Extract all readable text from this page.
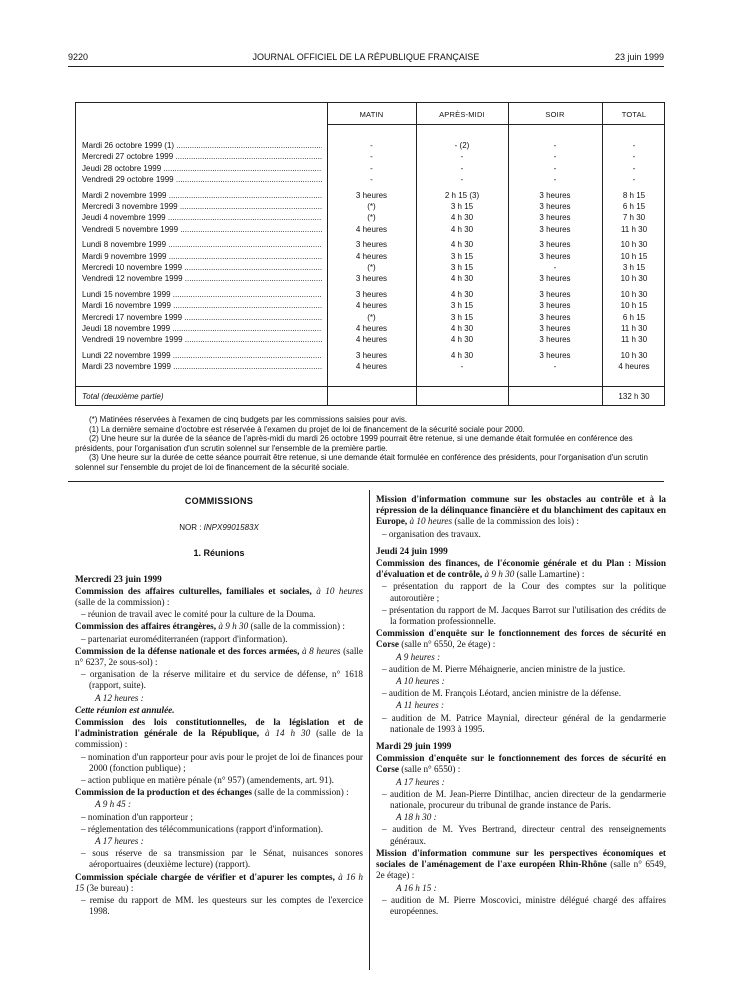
9220	JOURNAL OFFICIEL DE LA RÉPUBLIQUE FRANÇAISE	23 juin 1999
MATIN	APRÈS-MIDI	SOIR	TOTAL
Total (deuxième partie)	132 h 30
Mardi 26 octobre 1999 (1) .....	-	- (2)	-	-
Mercredi 27 octobre 1999 .....	-	-	-	-
Jeudi 28 octobre 1999 .....	-	-	-	-
Vendredi 29 octobre 1999 .....	-	-	-	-
Mardi 2 novembre 1999 .....	3 heures	2 h 15 (3)	3 heures	8 h 15
Mercredi 3 novembre 1999 .....	(*)	3 h 15	3 heures	6 h 15
Jeudi 4 novembre 1999 .....	(*)	4 h 30	3 heures	7 h 30
Vendredi 5 novembre 1999 .....	4 heures	4 h 30	3 heures	11 h 30
Lundi 8 novembre 1999 .....	3 heures	4 h 30	3 heures	10 h 30
Mardi 9 novembre 1999 .....	4 heures	3 h 15	3 heures	10 h 15
Mercredi 10 novembre 1999 .....	(*)	3 h 15	-	3 h 15
Vendredi 12 novembre 1999 .....	3 heures	4 h 30	3 heures	10 h 30
Lundi 15 novembre 1999 .....	3 heures	4 h 30	3 heures	10 h 30
Mardi 16 novembre 1999 .....	4 heures	3 h 15	3 heures	10 h 15
Mercredi 17 novembre 1999 .....	(*)	3 h 15	3 heures	6 h 15
Jeudi 18 novembre 1999 .....	4 heures	4 h 30	3 heures	11 h 30
Vendredi 19 novembre 1999 .....	4 heures	4 h 30	3 heures	11 h 30
Lundi 22 novembre 1999 .....	3 heures	4 h 30	3 heures	10 h 30
Mardi 23 novembre 1999 .....	4 heures	-	-	4 heures
(*) Matinées réservées à l'examen de cinq budgets par les commissions saisies pour avis.
(1) La dernière semaine d'octobre est réservée à l'examen du projet de loi de financement de la sécurité sociale pour 2000.
(2) Une heure sur la durée de la séance de l'après-midi du mardi 26 octobre 1999 pourrait être retenue, si une demande était formulée en conférence des présidents, pour l'organisation d'un scrutin solennel sur l'ensemble de la première partie.
(3) Une heure sur la durée de cette séance pourrait être retenue, si une demande était formulée en conférence des présidents, pour l'organisation d'un scrutin solennel sur l'ensemble du projet de loi de financement de la sécurité sociale.
COMMISSIONS
NOR : INPX9901583X
1. Réunions

Mercredi 23 juin 1999

Commission des affaires culturelles, familiales et sociales, à 10 heures (salle de la commission) :

– réunion de travail avec le comité pour la culture de la Douma.

Commission des affaires étrangères, à 9 h 30 (salle de la commission) :

– partenariat euroméditerranéen (rapport d'information).

Commission de la défense nationale et des forces armées, à 8 heures (salle n° 6237, 2e sous-sol) :

– organisation de la réserve militaire et du service de défense, n° 1618 (rapport, suite).

A 12 heures :

Cette réunion est annulée.

Commission des lois constitutionnelles, de la législation et de l'administration générale de la République, à 14 h 30 (salle de la commission) :

– nomination d'un rapporteur pour avis pour le projet de loi de finances pour 2000 (fonction publique) ;

– action publique en matière pénale (n° 957) (amendements, art. 91).

Commission de la production et des échanges (salle de la commission) :

A 9 h 45 :

– nomination d'un rapporteur ;

– réglementation des télécommunications (rapport d'information).

A 17 heures :

– sous réserve de sa transmission par le Sénat, nuisances sonores aéroportuaires (deuxième lecture) (rapport).

Commission spéciale chargée de vérifier et d'apurer les comptes, à 16 h 15 (3e bureau) :

– remise du rapport de MM. les questeurs sur les comptes de l'exercice 1998.

Mission d'information commune sur les obstacles au contrôle et à la répression de la délinquance financière et du blanchiment des capitaux en Europe, à 10 heures (salle de la commission des lois) :

– organisation des travaux.

Jeudi 24 juin 1999

Commission des finances, de l'économie générale et du Plan : Mission d'évaluation et de contrôle, à 9 h 30 (salle Lamartine) :

– présentation du rapport de la Cour des comptes sur la politique autoroutière ;

– présentation du rapport de M. Jacques Barrot sur l'utilisation des crédits de la formation professionnelle.

Commission d'enquête sur le fonctionnement des forces de sécurité en Corse (salle n° 6550, 2e étage) :

A 9 heures :

– audition de M. Pierre Méhaignerie, ancien ministre de la justice.

A 10 heures :

– audition de M. François Léotard, ancien ministre de la défense.

A 11 heures :

– audition de M. Patrice Maynial, directeur général de la gendarmerie nationale de 1993 à 1995.

Mardi 29 juin 1999

Commission d'enquête sur le fonctionnement des forces de sécurité en Corse (salle n° 6550) :

A 17 heures :

– audition de M. Jean-Pierre Dintilhac, ancien directeur de la gendarmerie nationale, procureur du tribunal de grande instance de Paris.

A 18 h 30 :

– audition de M. Yves Bertrand, directeur central des renseignements généraux.

Mission d'information commune sur les perspectives économiques et sociales de l'aménagement de l'axe européen Rhin-Rhône (salle n° 6549, 2e étage) :

A 16 h 15 :

– audition de M. Pierre Moscovici, ministre délégué chargé des affaires européennes.
